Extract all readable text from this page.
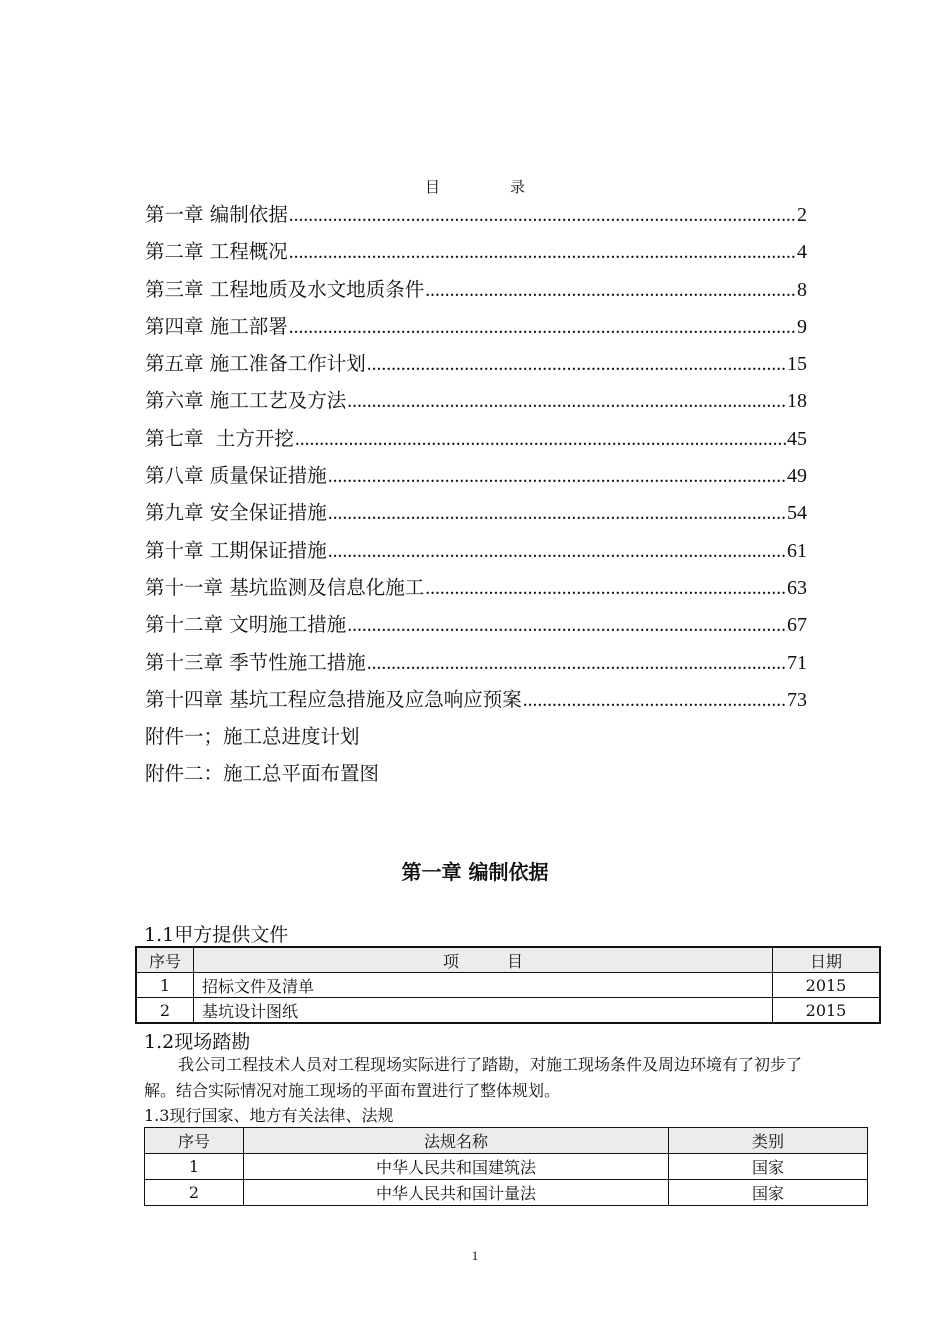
目录
第一章 编制依据 .....	2
第二章 工程概况 .....	4
第三章 工程地质及水文地质条件 .....	8
第四章 施工部署 .....	9
第五章 施工准备工作计划 .....	15
第六章 施工工艺及方法 .....	18
第七章  土方开挖 .....	45
第八章 质量保证措施 .....	49
第九章 安全保证措施 .....	54
第十章 工期保证措施 .....	61
第十一章 基坑监测及信息化施工 .....	63
第十二章 文明施工措施 .....	67
第十三章 季节性施工措施 .....	71
第十四章 基坑工程应急措施及应急响应预案 .....	73
附件一；施工总进度计划
附件二：施工总平面布置图
第一章 编制依据
1.1甲方提供文件
序号	项目	日期
1	招标文件及清单	2015
2	基坑设计图纸	2015
1.2现场踏勘
我公司工程技术人员对工程现场实际进行了踏勘，对施工现场条件及周边环境有了初步了解。结合实际情况对施工现场的平面布置进行了整体规划。
1.3现行国家、地方有关法律、法规
序号	法规名称	类别
1	中华人民共和国建筑法	国家
2	中华人民共和国计量法	国家
1
